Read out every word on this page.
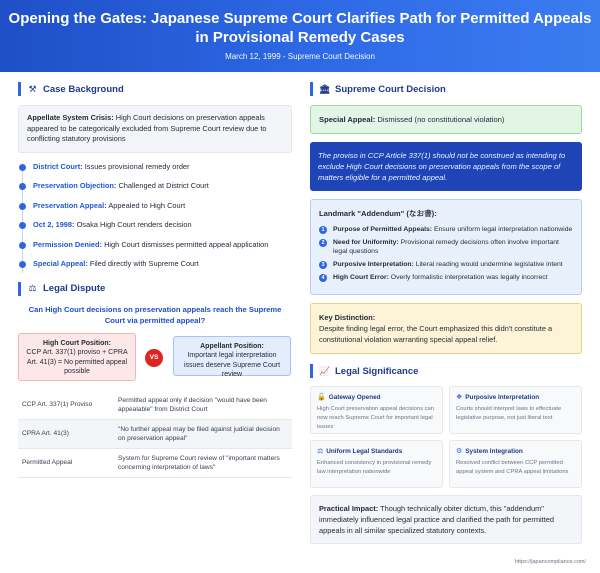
Opening the Gates: Japanese Supreme Court Clarifies Path for Permitted Appeals in Provisional Remedy Cases
March 12, 1999 - Supreme Court Decision
⚒ Case Background
Appellate System Crisis: High Court decisions on preservation appeals appeared to be categorically excluded from Supreme Court review due to conflicting statutory provisions
District Court: Issues provisional remedy order
Preservation Objection: Challenged at District Court
Preservation Appeal: Appealed to High Court
Oct 2, 1998: Osaka High Court renders decision
Permission Denied: High Court dismisses permitted appeal application
Special Appeal: Filed directly with Supreme Court
⚖ Legal Dispute
Can High Court decisions on preservation appeals reach the Supreme Court via permitted appeal?
High Court Position:
CCP Art. 337(1) proviso + CPRA Art. 41(3) = No permitted appeal possible
VS
Appellant Position:
Important legal interpretation issues deserve Supreme Court review
CCP Art. 337(1) Proviso
Permitted appeal only if decision "would have been appealable" from District Court
CPRA Art. 41(3)
"No further appeal may be filed against judicial decision on preservation appeal"
Permitted Appeal
System for Supreme Court review of "important matters concerning interpretation of laws"
🏛 Supreme Court Decision
Special Appeal: Dismissed (no constitutional violation)
The proviso in CCP Article 337(1) should not be construed as intending to exclude High Court decisions on preservation appeals from the scope of matters eligible for a permitted appeal.
Landmark "Addendum" (なお書):
1	Purpose of Permitted Appeals: Ensure uniform legal interpretation nationwide
2	Need for Uniformity: Provisional remedy decisions often involve important legal questions
3	Purposive Interpretation: Literal reading would undermine legislative intent
4	High Court Error: Overly formalistic interpretation was legally incorrect
Key Distinction:
Despite finding legal error, the Court emphasized this didn't constitute a constitutional violation warranting special appeal relief.
📈 Legal Significance
🔓 Gateway Opened
High Court preservation appeal decisions can now reach Supreme Court for important legal issues
❖ Purposive Interpretation
Courts should interpret laws to effectuate legislative purpose, not just literal text
⚖ Uniform Legal Standards
Enhanced consistency in provisional remedy law interpretation nationwide
⚙ System Integration
Resolved conflict between CCP permitted appeal system and CPRA appeal limitations
Practical Impact: Though technically obiter dictum, this "addendum" immediately influenced legal practice and clarified the path for permitted appeals in all similar specialized statutory contexts.
https://japancompliance.com/
